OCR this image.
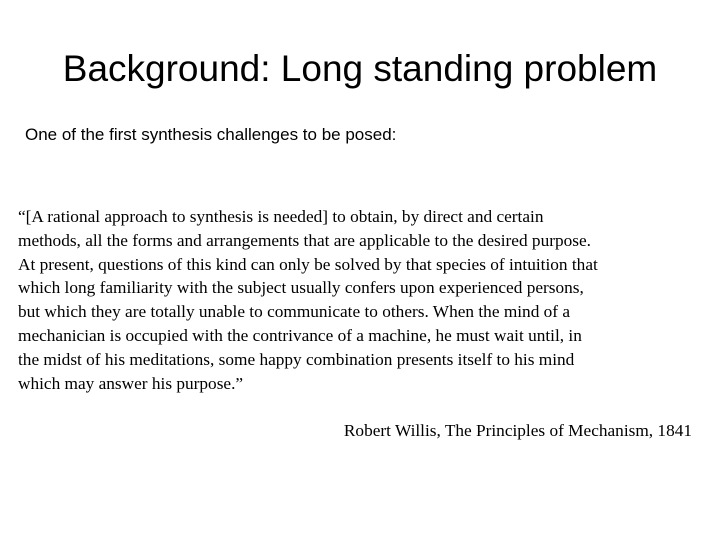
Background: Long standing problem
One of the first synthesis challenges to be posed:
“[A rational approach to synthesis is needed] to obtain, by direct and certain
methods, all the forms and arrangements that are applicable to the desired purpose.
At present, questions of this kind can only be solved by that species of intuition that
which long familiarity with the subject usually confers upon experienced persons,
but which they are totally unable to communicate to others. When the mind of a
mechanician is occupied with the contrivance of a machine, he must wait until, in
the midst of his meditations, some happy combination presents itself to his mind
which may answer his purpose.”
Robert Willis, The Principles of Mechanism, 1841
